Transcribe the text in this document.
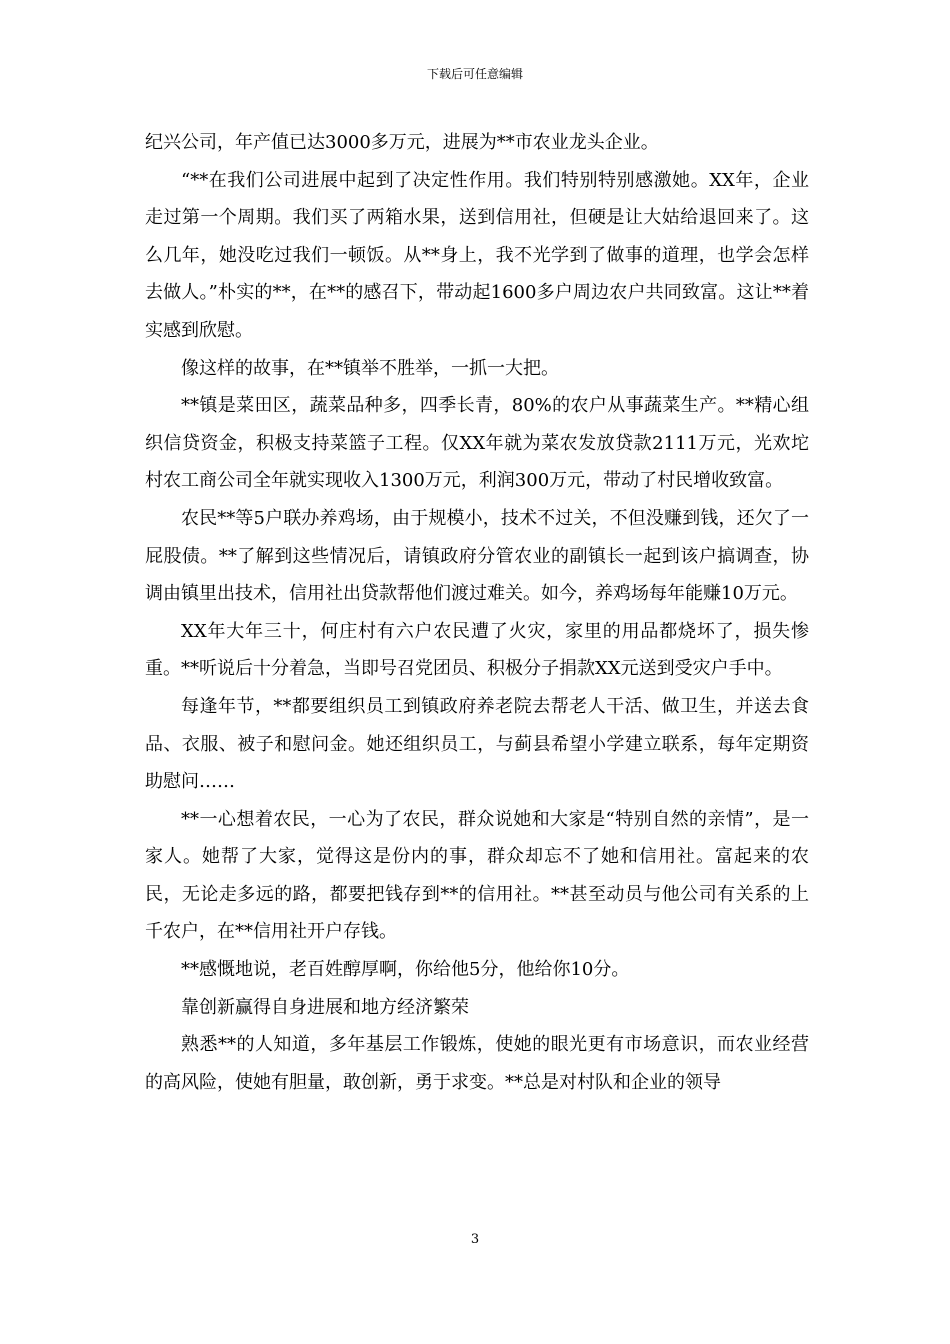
下载后可任意编辑

纪兴公司，年产值已达3000多万元，进展为**市农业龙头企业。

“**在我们公司进展中起到了决定性作用。我们特别特别感激她。XX年，企业走过第一个周期。我们买了两箱水果，送到信用社，但硬是让大姑给退回来了。这么几年，她没吃过我们一顿饭。从**身上，我不光学到了做事的道理，也学会怎样去做人。”朴实的**，在**的感召下，带动起1600多户周边农户共同致富。这让**着实感到欣慰。

像这样的故事，在**镇举不胜举，一抓一大把。

**镇是菜田区，蔬菜品种多，四季长青，80%的农户从事蔬菜生产。**精心组织信贷资金，积极支持菜篮子工程。仅XX年就为菜农发放贷款2111万元，光欢坨村农工商公司全年就实现收入1300万元，利润300万元，带动了村民增收致富。

农民**等5户联办养鸡场，由于规模小，技术不过关，不但没赚到钱，还欠了一屁股债。**了解到这些情况后，请镇政府分管农业的副镇长一起到该户搞调查，协调由镇里出技术，信用社出贷款帮他们渡过难关。如今，养鸡场每年能赚10万元。

XX年大年三十，何庄村有六户农民遭了火灾，家里的用品都烧坏了，损失惨重。**听说后十分着急，当即号召党团员、积极分子捐款XX元送到受灾户手中。

每逢年节，**都要组织员工到镇政府养老院去帮老人干活、做卫生，并送去食品、衣服、被子和慰问金。她还组织员工，与蓟县希望小学建立联系，每年定期资助慰问……

**一心想着农民，一心为了农民，群众说她和大家是“特别自然的亲情”，是一家人。她帮了大家，觉得这是份内的事，群众却忘不了她和信用社。富起来的农民，无论走多远的路，都要把钱存到**的信用社。**甚至动员与他公司有关系的上千农户，在**信用社开户存钱。

**感慨地说，老百姓醇厚啊，你给他5分，他给你10分。

靠创新赢得自身进展和地方经济繁荣

熟悉**的人知道，多年基层工作锻炼，使她的眼光更有市场意识，而农业经营的高风险，使她有胆量，敢创新，勇于求变。**总是对村队和企业的领导

3
